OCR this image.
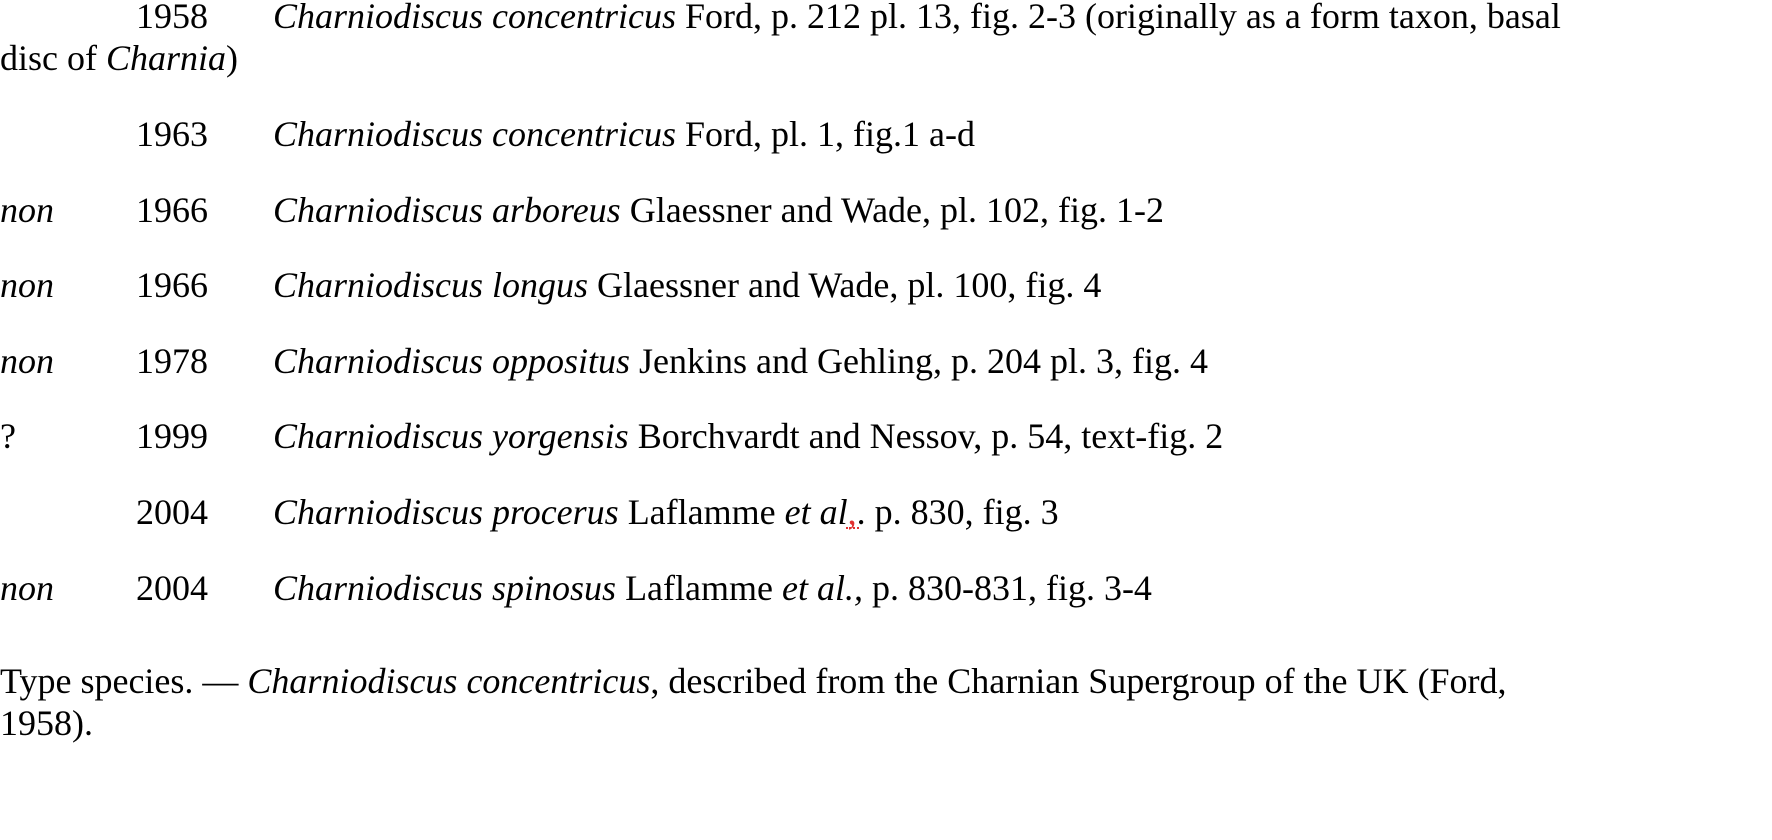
1958 Charniodiscus concentricus Ford, p. 212 pl. 13, fig. 2-3 (originally as a form taxon, basal
disc of Charnia)
1963 Charniodiscus concentricus Ford, pl. 1, fig.1 a-d
non 1966 Charniodiscus arboreus Glaessner and Wade, pl. 102, fig. 1-2
non 1966 Charniodiscus longus Glaessner and Wade, pl. 100, fig. 4
non 1978 Charniodiscus oppositus Jenkins and Gehling, p. 204 pl. 3, fig. 4
?	1999 Charniodiscus yorgensis Borchvardt and Nessov, p. 54, text-fig. 2
2004 Charniodiscus procerus Laflamme et al,. p. 830, fig. 3
non 2004 Charniodiscus spinosus Laflamme et al., p. 830-831, fig. 3-4
Type species. — Charniodiscus concentricus, described from the Charnian Supergroup of the UK (Ford,
1958).
